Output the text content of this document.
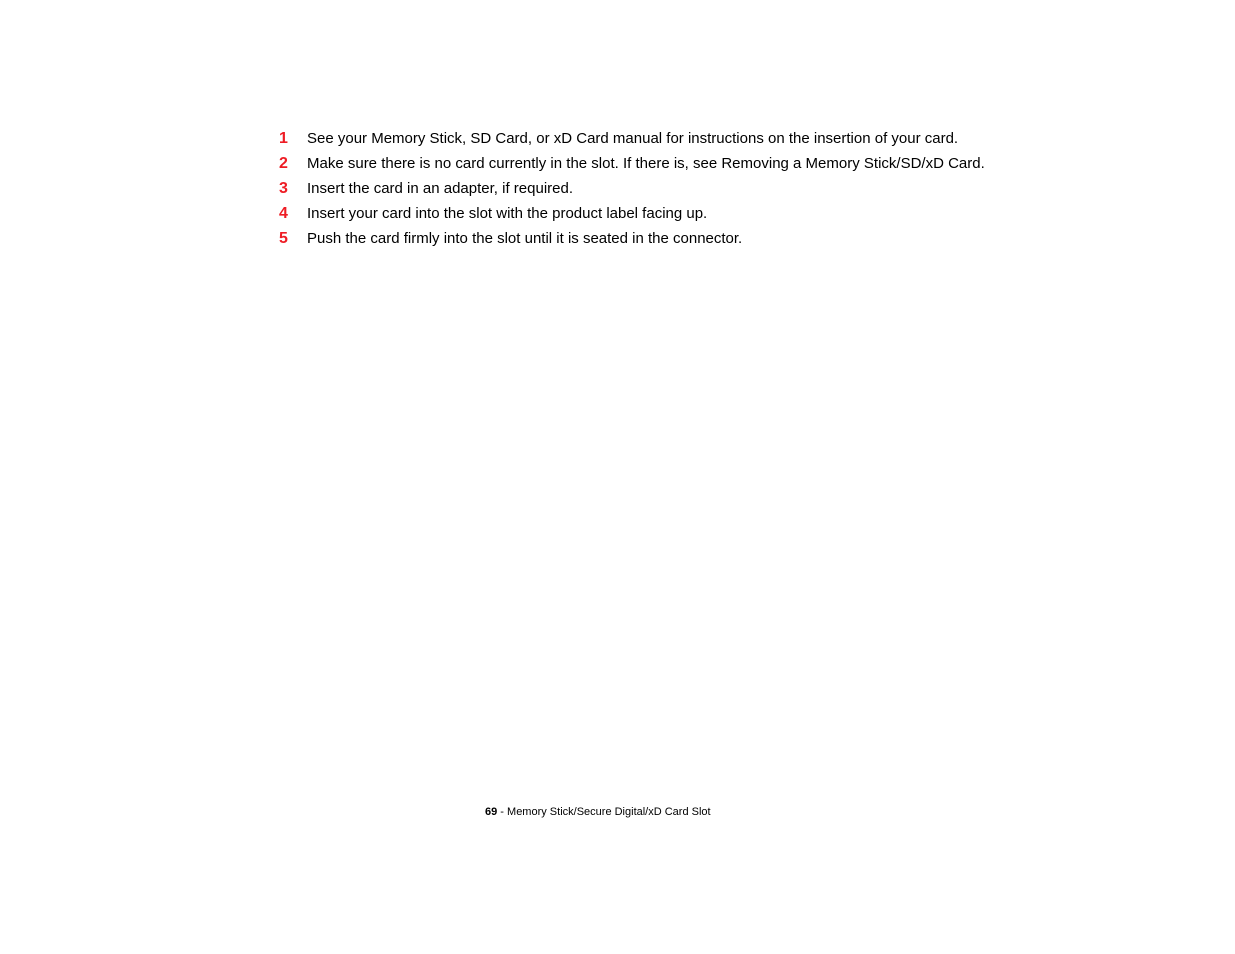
1	See your Memory Stick, SD Card, or xD Card manual for instructions on the insertion of your card.
2	Make sure there is no card currently in the slot. If there is, see Removing a Memory Stick/SD/xD Card.
3	Insert the card in an adapter, if required.
4	Insert your card into the slot with the product label facing up.
5	Push the card firmly into the slot until it is seated in the connector.
69 - Memory Stick/Secure Digital/xD Card Slot
